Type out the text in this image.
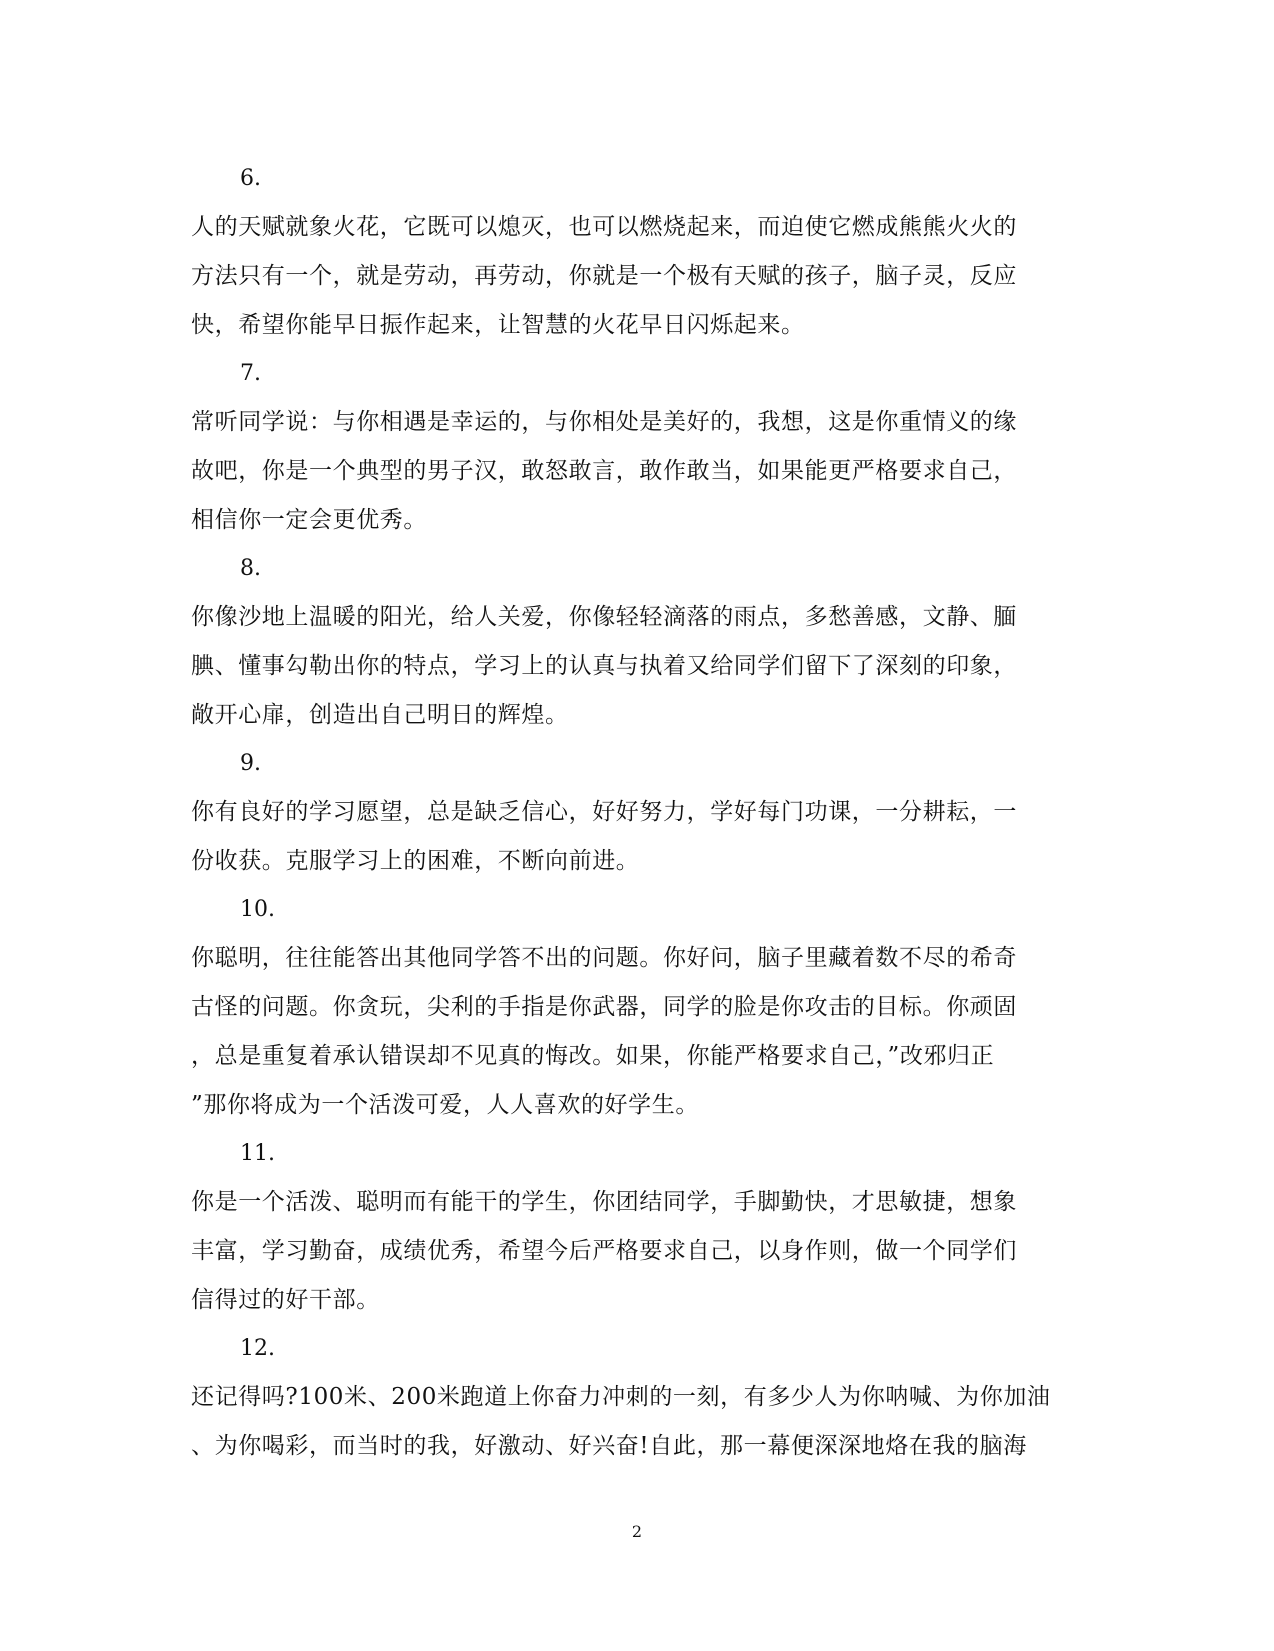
6.
人的天赋就象火花，它既可以熄灭，也可以燃烧起来，而迫使它燃成熊熊火火的
方法只有一个，就是劳动，再劳动，你就是一个极有天赋的孩子，脑子灵，反应
快，希望你能早日振作起来，让智慧的火花早日闪烁起来。
7.
常听同学说：与你相遇是幸运的，与你相处是美好的，我想，这是你重情义的缘
故吧，你是一个典型的男子汉，敢怒敢言，敢作敢当，如果能更严格要求自己，
相信你一定会更优秀。
8.
你像沙地上温暖的阳光，给人关爱，你像轻轻滴落的雨点，多愁善感，文静、腼
腆、懂事勾勒出你的特点，学习上的认真与执着又给同学们留下了深刻的印象，
敞开心扉，创造出自己明日的辉煌。
9.
你有良好的学习愿望，总是缺乏信心，好好努力，学好每门功课，一分耕耘，一
份收获。克服学习上的困难，不断向前进。
10.
你聪明，往往能答出其他同学答不出的问题。你好问，脑子里藏着数不尽的希奇
古怪的问题。你贪玩，尖利的手指是你武器，同学的脸是你攻击的目标。你顽固
，总是重复着承认错误却不见真的悔改。如果，你能严格要求自己，”改邪归正
”那你将成为一个活泼可爱，人人喜欢的好学生。
11.
你是一个活泼、聪明而有能干的学生，你团结同学，手脚勤快，才思敏捷，想象
丰富，学习勤奋，成绩优秀，希望今后严格要求自己，以身作则，做一个同学们
信得过的好干部。
12.
还记得吗?100米、200米跑道上你奋力冲刺的一刻，有多少人为你呐喊、为你加油
、为你喝彩，而当时的我，好激动、好兴奋!自此，那一幕便深深地烙在我的脑海
2
